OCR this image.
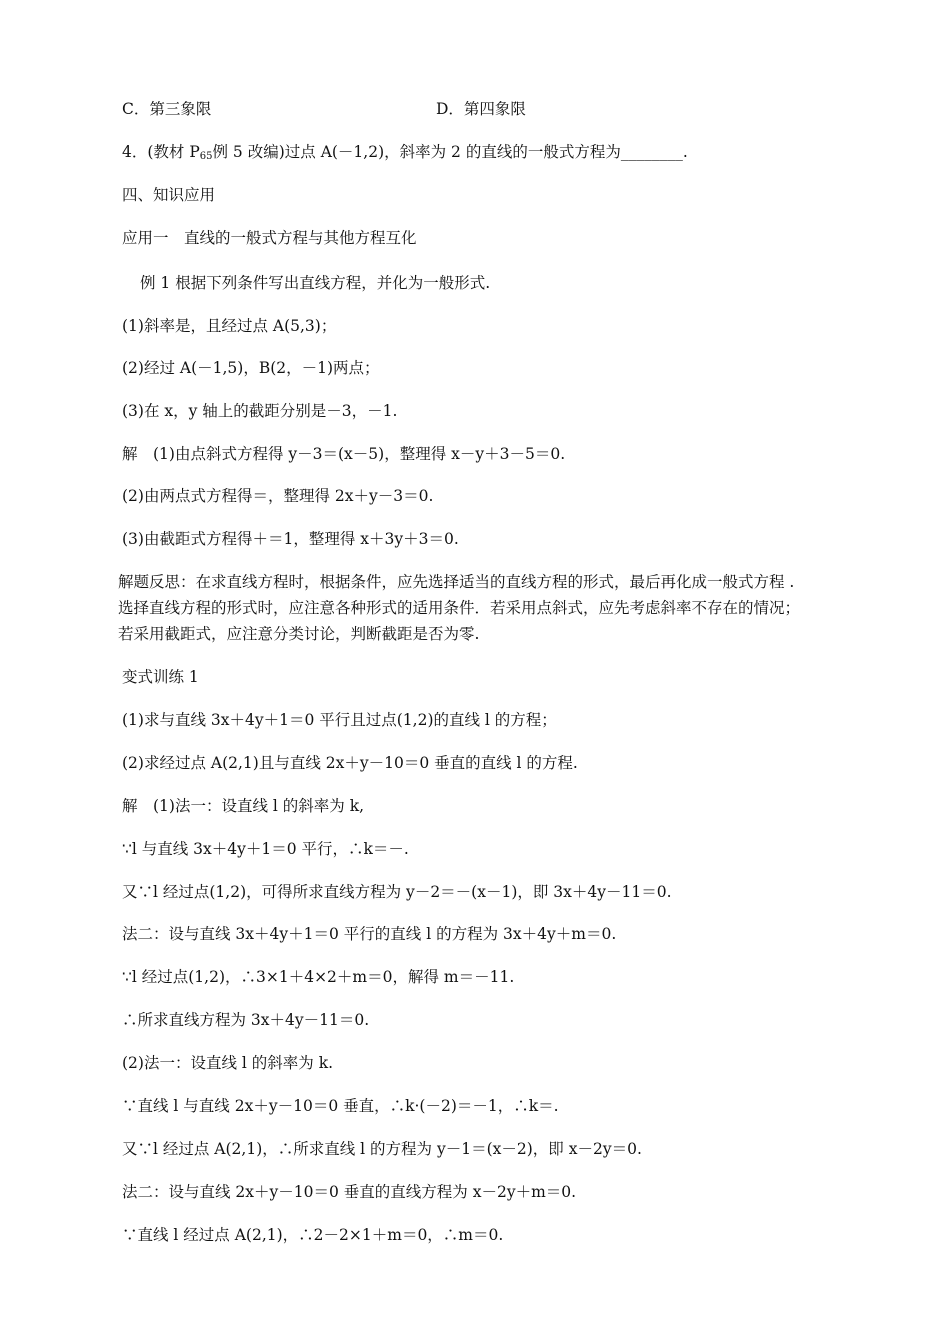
C．第三象限	D．第四象限
4．(教材 $P_{65}$例 5 改编)过点 A(－1,2)，斜率为 2 的直线的一般式方程为________.
四、知识应用
应用一　直线的一般式方程与其他方程互化
例 1 根据下列条件写出直线方程，并化为一般形式.
(1)斜率是，且经过点 A(5,3)；
(2)经过 A(－1,5)，B(2，－1)两点；
(3)在 x，y 轴上的截距分别是－3，－1.
解　(1)由点斜式方程得 y－3＝(x－5)，整理得 x－y＋3－5＝0.
(2)由两点式方程得＝，整理得 2x＋y－3＝0.
(3)由截距式方程得＋＝1，整理得 x＋3y＋3＝0.
解题反思：在求直线方程时，根据条件，应先选择适当的直线方程的形式，最后再化成一般式方程 .
选择直线方程的形式时，应注意各种形式的适用条件．若采用点斜式，应先考虑斜率不存在的情况；
若采用截距式，应注意分类讨论，判断截距是否为零.
变式训练 1
(1)求与直线 3x＋4y＋1＝0 平行且过点(1,2)的直线 l 的方程；
(2)求经过点 A(2,1)且与直线 2x＋y－10＝0 垂直的直线 l 的方程.
解　(1)法一：设直线 l 的斜率为 k,
∵l 与直线 3x＋4y＋1＝0 平行，∴k＝－.
又∵l 经过点(1,2)，可得所求直线方程为 y－2＝－(x－1)，即 3x＋4y－11＝0.
法二：设与直线 3x＋4y＋1＝0 平行的直线 l 的方程为 3x＋4y＋m＝0.
∵l 经过点(1,2)，∴3×1＋4×2＋m＝0，解得 m＝－11.
∴所求直线方程为 3x＋4y－11＝0.
(2)法一：设直线 l 的斜率为 k.
∵直线 l 与直线 2x＋y－10＝0 垂直，∴k·(－2)＝－1，∴k＝.
又∵l 经过点 A(2,1)，∴所求直线 l 的方程为 y－1＝(x－2)，即 x－2y＝0.
法二：设与直线 2x＋y－10＝0 垂直的直线方程为 x－2y＋m＝0.
∵直线 l 经过点 A(2,1)，∴2－2×1＋m＝0，∴m＝0.
